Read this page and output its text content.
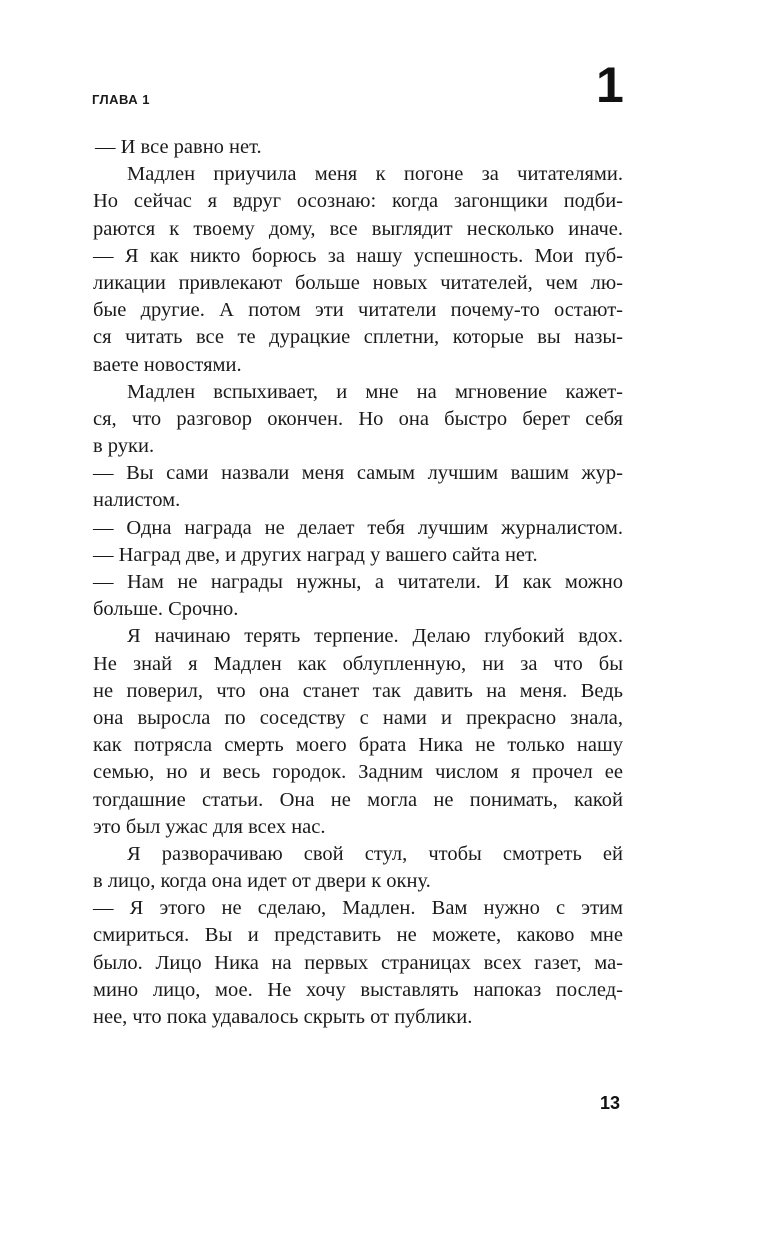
ГЛАВА 1	1
— И все равно нет.
Мадлен приучила меня к погоне за читателями.
Но сейчас я вдруг осознаю: когда загонщики подби-
раются к твоему дому, все выглядит несколько иначе.
— Я как никто борюсь за нашу успешность. Мои пуб-
ликации привлекают больше новых читателей, чем лю-
бые другие. А потом эти читатели почему-то остают-
ся читать все те дурацкие сплетни, которые вы назы-
ваете новостями.
Мадлен вспыхивает, и мне на мгновение кажет-
ся, что разговор окончен. Но она быстро берет себя
в руки.
— Вы сами назвали меня самым лучшим вашим жур-
налистом.
— Одна награда не делает тебя лучшим журналистом.
— Наград две, и других наград у вашего сайта нет.
— Нам не награды нужны, а читатели. И как можно
больше. Срочно.
Я начинаю терять терпение. Делаю глубокий вдох.
Не знай я Мадлен как облупленную, ни за что бы
не поверил, что она станет так давить на меня. Ведь
она выросла по соседству с нами и прекрасно знала,
как потрясла смерть моего брата Ника не только нашу
семью, но и весь городок. Задним числом я прочел ее
тогдашние статьи. Она не могла не понимать, какой
это был ужас для всех нас.
Я разворачиваю свой стул, чтобы смотреть ей
в лицо, когда она идет от двери к окну.
— Я этого не сделаю, Мадлен. Вам нужно с этим
смириться. Вы и представить не можете, каково мне
было. Лицо Ника на первых страницах всех газет, ма-
мино лицо, мое. Не хочу выставлять напоказ послед-
нее, что пока удавалось скрыть от публики.
13
